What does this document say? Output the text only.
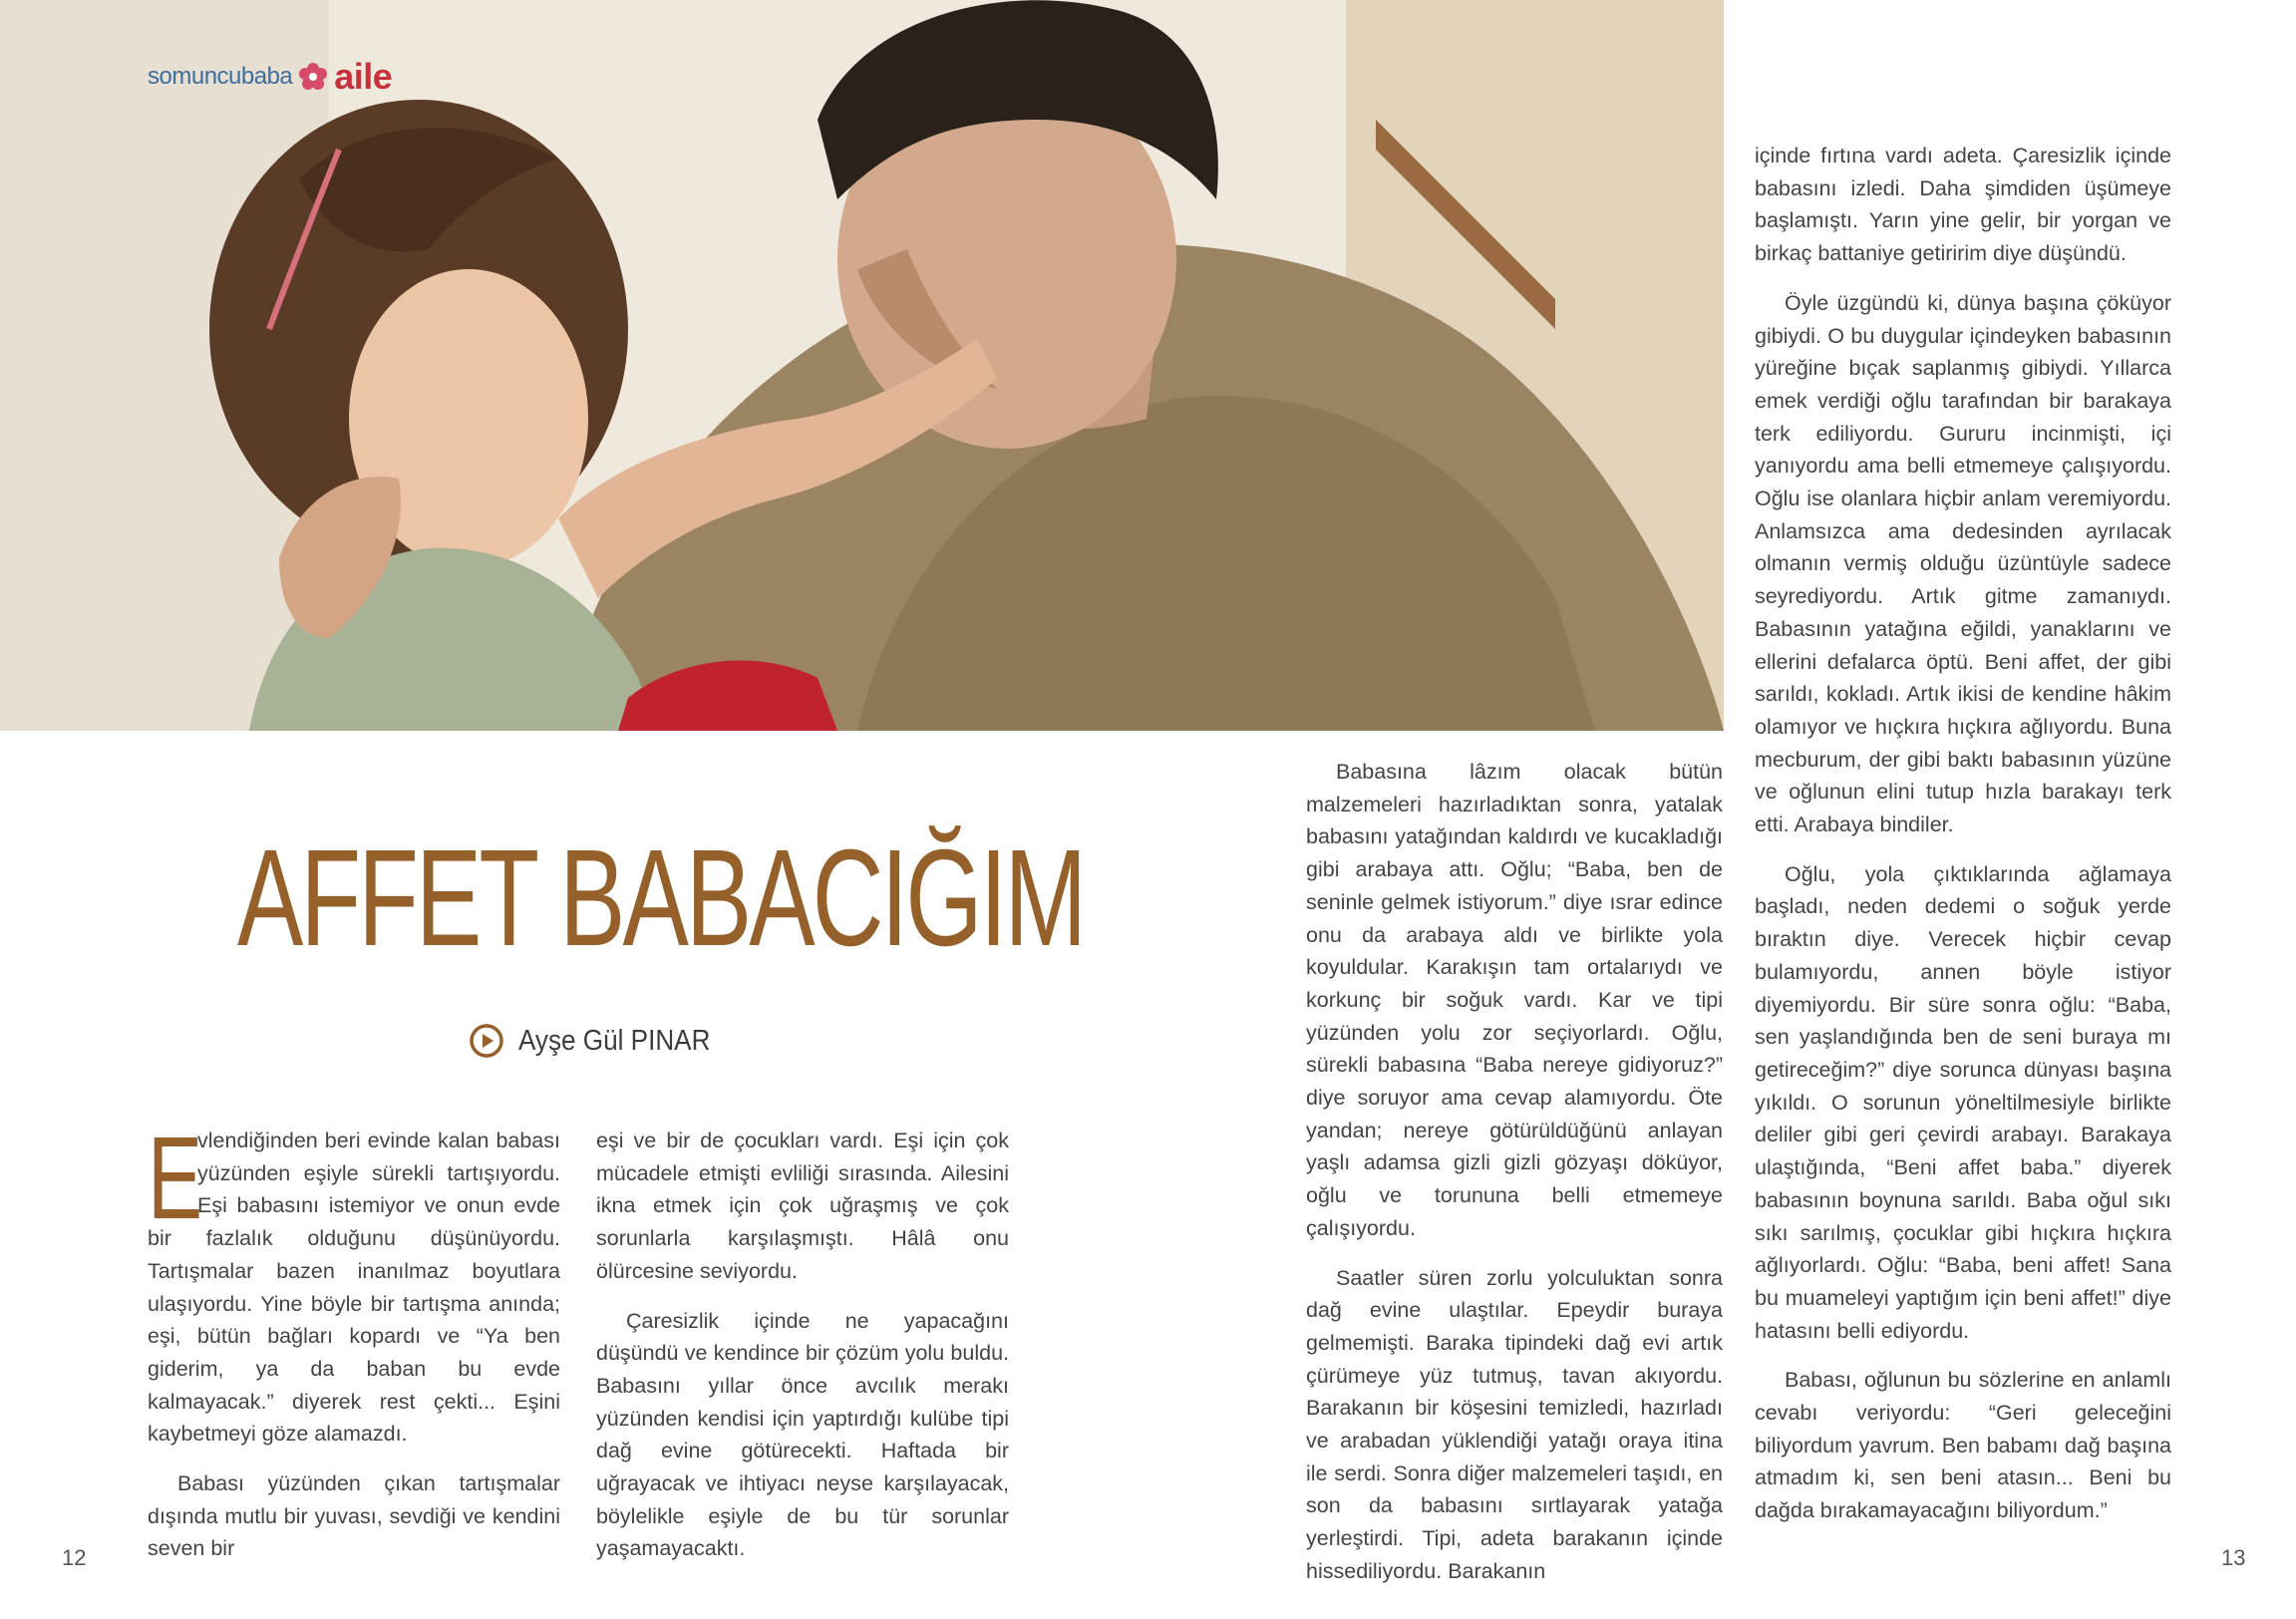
somuncubaba aile
AFFET BABACIĞIM
Ayşe Gül PINAR

E
vlendiğinden beri evinde kalan babası yüzünden eşiyle sürekli tartışıyordu. Eşi babasını istemiyor ve onun evde bir fazlalık olduğunu düşünüyordu. Tartışmalar bazen inanılmaz boyutlara ulaşıyordu. Yine böyle bir tartışma anında; eşi, bütün bağları kopardı ve “Ya ben giderim, ya da baban bu evde kalmayacak.” diyerek rest çekti... Eşini kaybetmeyi göze alamazdı.

Babası yüzünden çıkan tartışmalar dışında mutlu bir yuvası, sevdiği ve kendini seven bir

eşi ve bir de çocukları vardı. Eşi için çok mücadele etmişti evliliği sırasında. Ailesini ikna etmek için çok uğraşmış ve çok sorunlarla karşılaşmıştı. Hâlâ onu ölürcesine seviyordu.

Çaresizlik içinde ne yapacağını düşündü ve kendince bir çözüm yolu buldu. Babasını yıllar önce avcılık merakı yüzünden kendisi için yaptırdığı kulübe tipi dağ evine götürecekti. Haftada bir uğrayacak ve ihtiyacı neyse karşılayacak, böylelikle eşiyle de bu tür sorunlar yaşamayacaktı.

Babasına lâzım olacak bütün malzemeleri hazırladıktan sonra, yatalak babasını yatağından kaldırdı ve kucakladığı gibi arabaya attı. Oğlu; “Baba, ben de seninle gelmek istiyorum.” diye ısrar edince onu da arabaya aldı ve birlikte yola koyuldular. Karakışın tam ortalarıydı ve korkunç bir soğuk vardı. Kar ve tipi yüzünden yolu zor seçiyorlardı. Oğlu, sürekli babasına “Baba nereye gidiyoruz?” diye soruyor ama cevap alamıyordu. Öte yandan; nereye götürüldüğünü anlayan yaşlı adamsa gizli gizli gözyaşı döküyor, oğlu ve torununa belli etmemeye çalışıyordu.

Saatler süren zorlu yolculuktan sonra dağ evine ulaştılar. Epeydir buraya gelmemişti. Baraka tipindeki dağ evi artık çürümeye yüz tutmuş, tavan akıyordu. Barakanın bir köşesini temizledi, hazırladı ve arabadan yüklendiği yatağı oraya itina ile serdi. Sonra diğer malzemeleri taşıdı, en son da babasını sırtlayarak yatağa yerleştirdi. Tipi, adeta barakanın içinde hissediliyordu. Barakanın

içinde fırtına vardı adeta. Çaresizlik içinde babasını izledi. Daha şimdiden üşümeye başlamıştı. Yarın yine gelir, bir yorgan ve birkaç battaniye getiririm diye düşündü.

Öyle üzgündü ki, dünya başına çöküyor gibiydi. O bu duygular içindeyken babasının yüreğine bıçak saplanmış gibiydi. Yıllarca emek verdiği oğlu tarafından bir barakaya terk ediliyordu. Gururu incinmişti, içi yanıyordu ama belli etmemeye çalışıyordu. Oğlu ise olanlara hiçbir anlam veremiyordu. Anlamsızca ama dedesinden ayrılacak olmanın vermiş olduğu üzüntüyle sadece seyrediyordu. Artık gitme zamanıydı. Babasının yatağına eğildi, yanaklarını ve ellerini defalarca öptü. Beni affet, der gibi sarıldı, kokladı. Artık ikisi de kendine hâkim olamıyor ve hıçkıra hıçkıra ağlıyordu. Buna mecburum, der gibi baktı babasının yüzüne ve oğlunun elini tutup hızla barakayı terk etti. Arabaya bindiler.

Oğlu, yola çıktıklarında ağlamaya başladı, neden dedemi o soğuk yerde bıraktın diye. Verecek hiçbir cevap bulamıyordu, annen böyle istiyor diyemiyordu. Bir süre sonra oğlu: “Baba, sen yaşlandığında ben de seni buraya mı getireceğim?” diye sorunca dünyası başına yıkıldı. O sorunun yöneltilmesiyle birlikte deliler gibi geri çevirdi arabayı. Barakaya ulaştığında, “Beni affet baba.” diyerek babasının boynuna sarıldı. Baba oğul sıkı sıkı sarılmış, çocuklar gibi hıçkıra hıçkıra ağlıyorlardı. Oğlu: “Baba, beni affet! Sana bu muameleyi yaptığım için beni affet!” diye hatasını belli ediyordu.

Babası, oğlunun bu sözlerine en anlamlı cevabı veriyordu: “Geri geleceğini biliyordum yavrum. Ben babamı dağ başına atmadım ki, sen beni atasın... Beni bu dağda bırakamayacağını biliyordum.”

12	13
